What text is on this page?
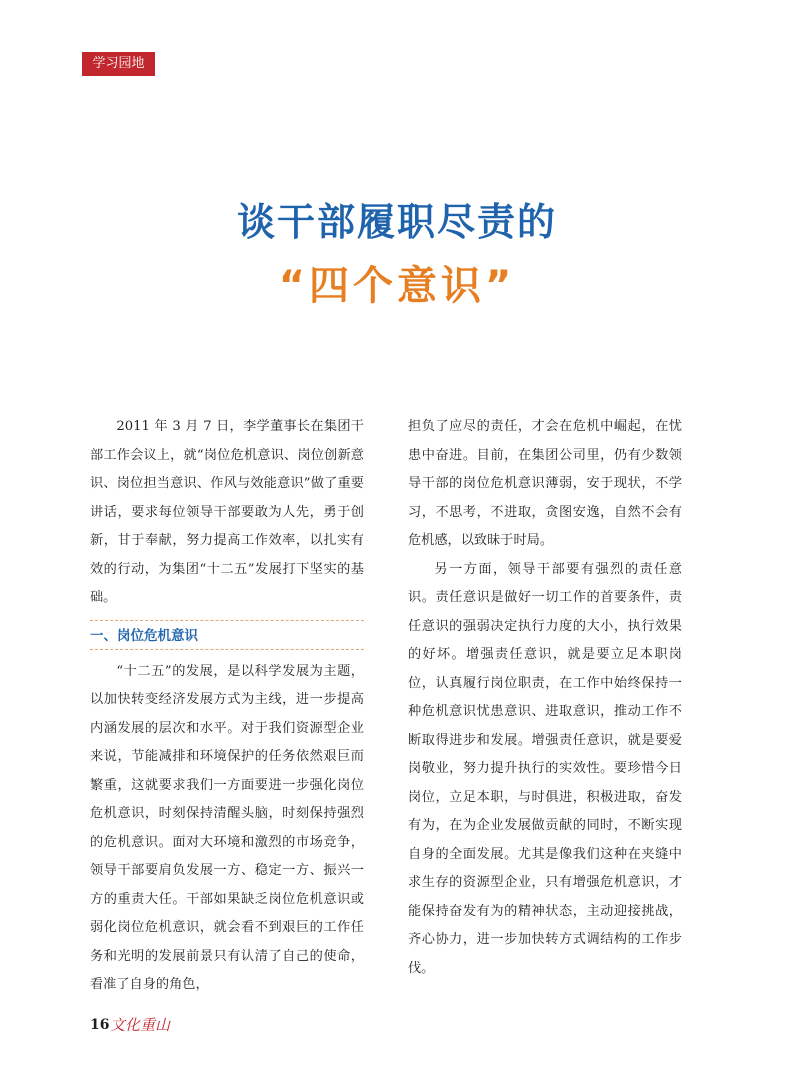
学习园地
谈干部履职尽责的
“四个意识”

2011 年 3 月 7 日，李学董事长在集团干部工作会议上，就“岗位危机意识、岗位创新意识、岗位担当意识、作风与效能意识”做了重要讲话，要求每位领导干部要敢为人先，勇于创新，甘于奉献，努力提高工作效率，以扎实有效的行动，为集团“十二五”发展打下坚实的基础。

一、岗位危机意识

“十二五”的发展，是以科学发展为主题，以加快转变经济发展方式为主线，进一步提高内涵发展的层次和水平。对于我们资源型企业来说，节能减排和环境保护的任务依然艰巨而繁重，这就要求我们一方面要进一步强化岗位危机意识，时刻保持清醒头脑，时刻保持强烈的危机意识。面对大环境和激烈的市场竞争，领导干部要肩负发展一方、稳定一方、振兴一方的重责大任。干部如果缺乏岗位危机意识或弱化岗位危机意识，就会看不到艰巨的工作任务和光明的发展前景只有认清了自己的使命，看准了自身的角色，

担负了应尽的责任，才会在危机中崛起，在忧患中奋进。目前，在集团公司里，仍有少数领导干部的岗位危机意识薄弱，安于现状，不学习，不思考，不进取，贪图安逸，自然不会有危机感，以致昧于时局。

另一方面，领导干部要有强烈的责任意识。责任意识是做好一切工作的首要条件，责任意识的强弱决定执行力度的大小，执行效果的好坏。增强责任意识，就是要立足本职岗位，认真履行岗位职责，在工作中始终保持一种危机意识忧患意识、进取意识，推动工作不断取得进步和发展。增强责任意识，就是要爱岗敬业，努力提升执行的实效性。要珍惜今日岗位，立足本职，与时俱进，积极进取，奋发有为，在为企业发展做贡献的同时，不断实现自身的全面发展。尤其是像我们这种在夹缝中求生存的资源型企业，只有增强危机意识，才能保持奋发有为的精神状态，主动迎接挑战，齐心协力，进一步加快转方式调结构的工作步伐。

16 文化重山
